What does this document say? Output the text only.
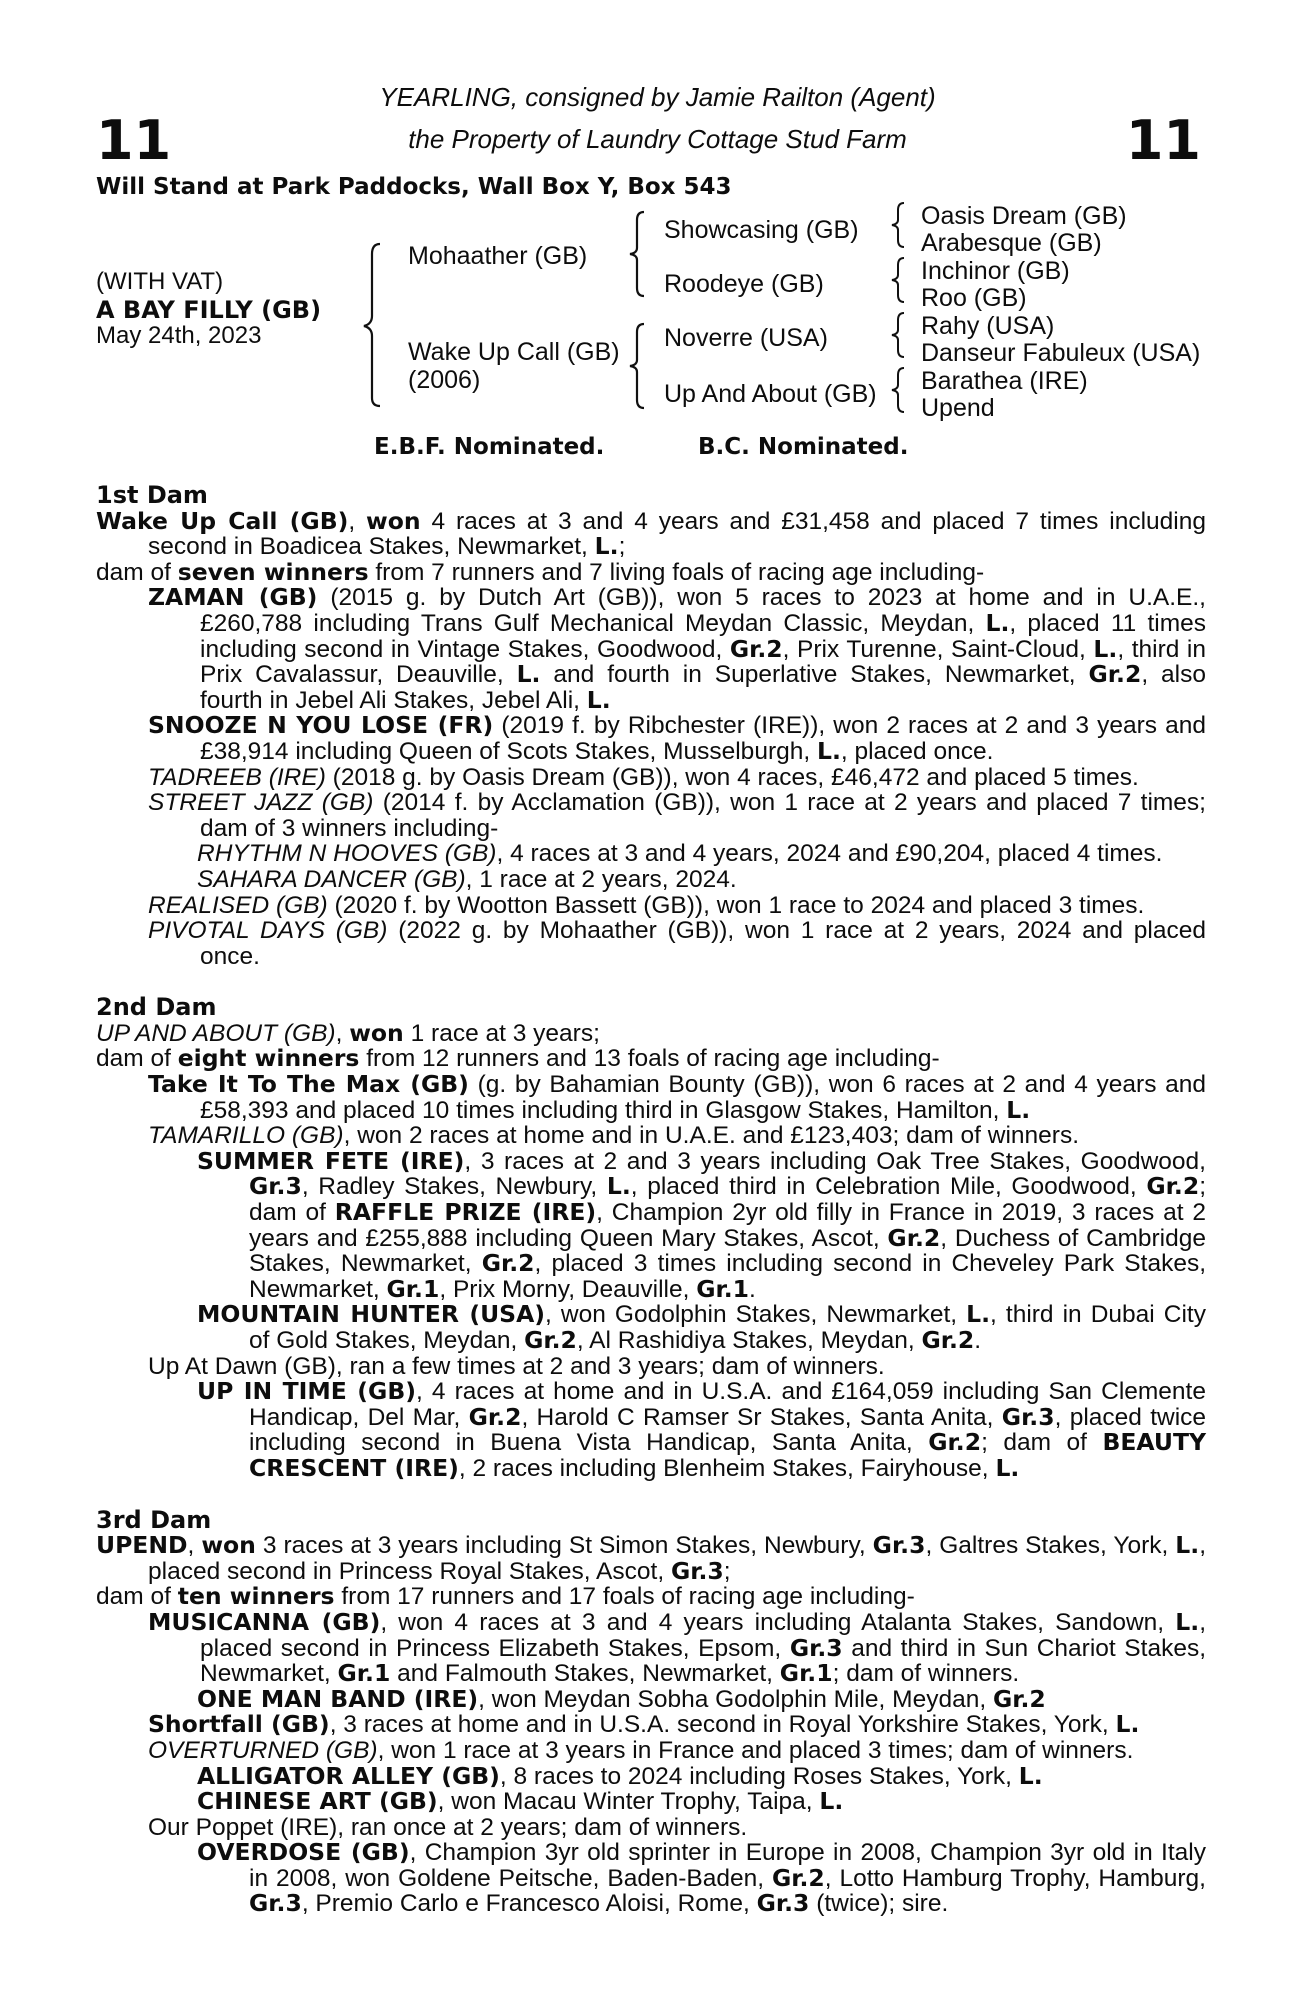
11	11
YEARLING, consigned by Jamie Railton (Agent)
the Property of Laundry Cottage Stud Farm
Will Stand at Park Paddocks, Wall Box Y, Box 543
(WITH VAT)
A BAY FILLY (GB)
May 24th, 2023
Mohaather (GB)
Wake Up Call (GB)
(2006)
Showcasing (GB)
Roodeye (GB)
Noverre (USA)
Up And About (GB)
Oasis Dream (GB)
Arabesque (GB)
Inchinor (GB)
Roo (GB)
Rahy (USA)
Danseur Fabuleux (USA)
Barathea (IRE)
Upend
E.B.F. Nominated.	B.C. Nominated.

1st Dam

Wake Up Call (GB), won 4 races at 3 and 4 years and £31,458 and placed 7 times including second in Boadicea Stakes, Newmarket, L.;

dam of seven winners from 7 runners and 7 living foals of racing age including-

ZAMAN (GB) (2015 g. by Dutch Art (GB)), won 5 races to 2023 at home and in U.A.E., £260,788 including Trans Gulf Mechanical Meydan Classic, Meydan, L., placed 11 times including second in Vintage Stakes, Goodwood, Gr.2, Prix Turenne, Saint-Cloud, L., third in Prix Cavalassur, Deauville, L. and fourth in Superlative Stakes, Newmarket, Gr.2, also fourth in Jebel Ali Stakes, Jebel Ali, L.

SNOOZE N YOU LOSE (FR) (2019 f. by Ribchester (IRE)), won 2 races at 2 and 3 years and £38,914 including Queen of Scots Stakes, Musselburgh, L., placed once.

TADREEB (IRE) (2018 g. by Oasis Dream (GB)), won 4 races, £46,472 and placed 5 times.

STREET JAZZ (GB) (2014 f. by Acclamation (GB)), won 1 race at 2 years and placed 7 times; dam of 3 winners including-

RHYTHM N HOOVES (GB), 4 races at 3 and 4 years, 2024 and £90,204, placed 4 times.

SAHARA DANCER (GB), 1 race at 2 years, 2024.

REALISED (GB) (2020 f. by Wootton Bassett (GB)), won 1 race to 2024 and placed 3 times.

PIVOTAL DAYS (GB) (2022 g. by Mohaather (GB)), won 1 race at 2 years, 2024 and placed once.

2nd Dam

UP AND ABOUT (GB), won 1 race at 3 years;

dam of eight winners from 12 runners and 13 foals of racing age including-

Take It To The Max (GB) (g. by Bahamian Bounty (GB)), won 6 races at 2 and 4 years and £58,393 and placed 10 times including third in Glasgow Stakes, Hamilton, L.

TAMARILLO (GB), won 2 races at home and in U.A.E. and £123,403; dam of winners.

SUMMER FETE (IRE), 3 races at 2 and 3 years including Oak Tree Stakes, Goodwood, Gr.3, Radley Stakes, Newbury, L., placed third in Celebration Mile, Goodwood, Gr.2; dam of RAFFLE PRIZE (IRE), Champion 2yr old filly in France in 2019, 3 races at 2 years and £255,888 including Queen Mary Stakes, Ascot, Gr.2, Duchess of Cambridge Stakes, Newmarket, Gr.2, placed 3 times including second in Cheveley Park Stakes, Newmarket, Gr.1, Prix Morny, Deauville, Gr.1.

MOUNTAIN HUNTER (USA), won Godolphin Stakes, Newmarket, L., third in Dubai City of Gold Stakes, Meydan, Gr.2, Al Rashidiya Stakes, Meydan, Gr.2.

Up At Dawn (GB), ran a few times at 2 and 3 years; dam of winners.

UP IN TIME (GB), 4 races at home and in U.S.A. and £164,059 including San Clemente Handicap, Del Mar, Gr.2, Harold C Ramser Sr Stakes, Santa Anita, Gr.3, placed twice including second in Buena Vista Handicap, Santa Anita, Gr.2; dam of BEAUTY CRESCENT (IRE), 2 races including Blenheim Stakes, Fairyhouse, L.

3rd Dam

UPEND, won 3 races at 3 years including St Simon Stakes, Newbury, Gr.3, Galtres Stakes, York, L., placed second in Princess Royal Stakes, Ascot, Gr.3;

dam of ten winners from 17 runners and 17 foals of racing age including-

MUSICANNA (GB), won 4 races at 3 and 4 years including Atalanta Stakes, Sandown, L., placed second in Princess Elizabeth Stakes, Epsom, Gr.3 and third in Sun Chariot Stakes, Newmarket, Gr.1 and Falmouth Stakes, Newmarket, Gr.1; dam of winners.

ONE MAN BAND (IRE), won Meydan Sobha Godolphin Mile, Meydan, Gr.2

Shortfall (GB), 3 races at home and in U.S.A. second in Royal Yorkshire Stakes, York, L.

OVERTURNED (GB), won 1 race at 3 years in France and placed 3 times; dam of winners.

ALLIGATOR ALLEY (GB), 8 races to 2024 including Roses Stakes, York, L.

CHINESE ART (GB), won Macau Winter Trophy, Taipa, L.

Our Poppet (IRE), ran once at 2 years; dam of winners.

OVERDOSE (GB), Champion 3yr old sprinter in Europe in 2008, Champion 3yr old in Italy in 2008, won Goldene Peitsche, Baden-Baden, Gr.2, Lotto Hamburg Trophy, Hamburg, Gr.3, Premio Carlo e Francesco Aloisi, Rome, Gr.3 (twice); sire.
